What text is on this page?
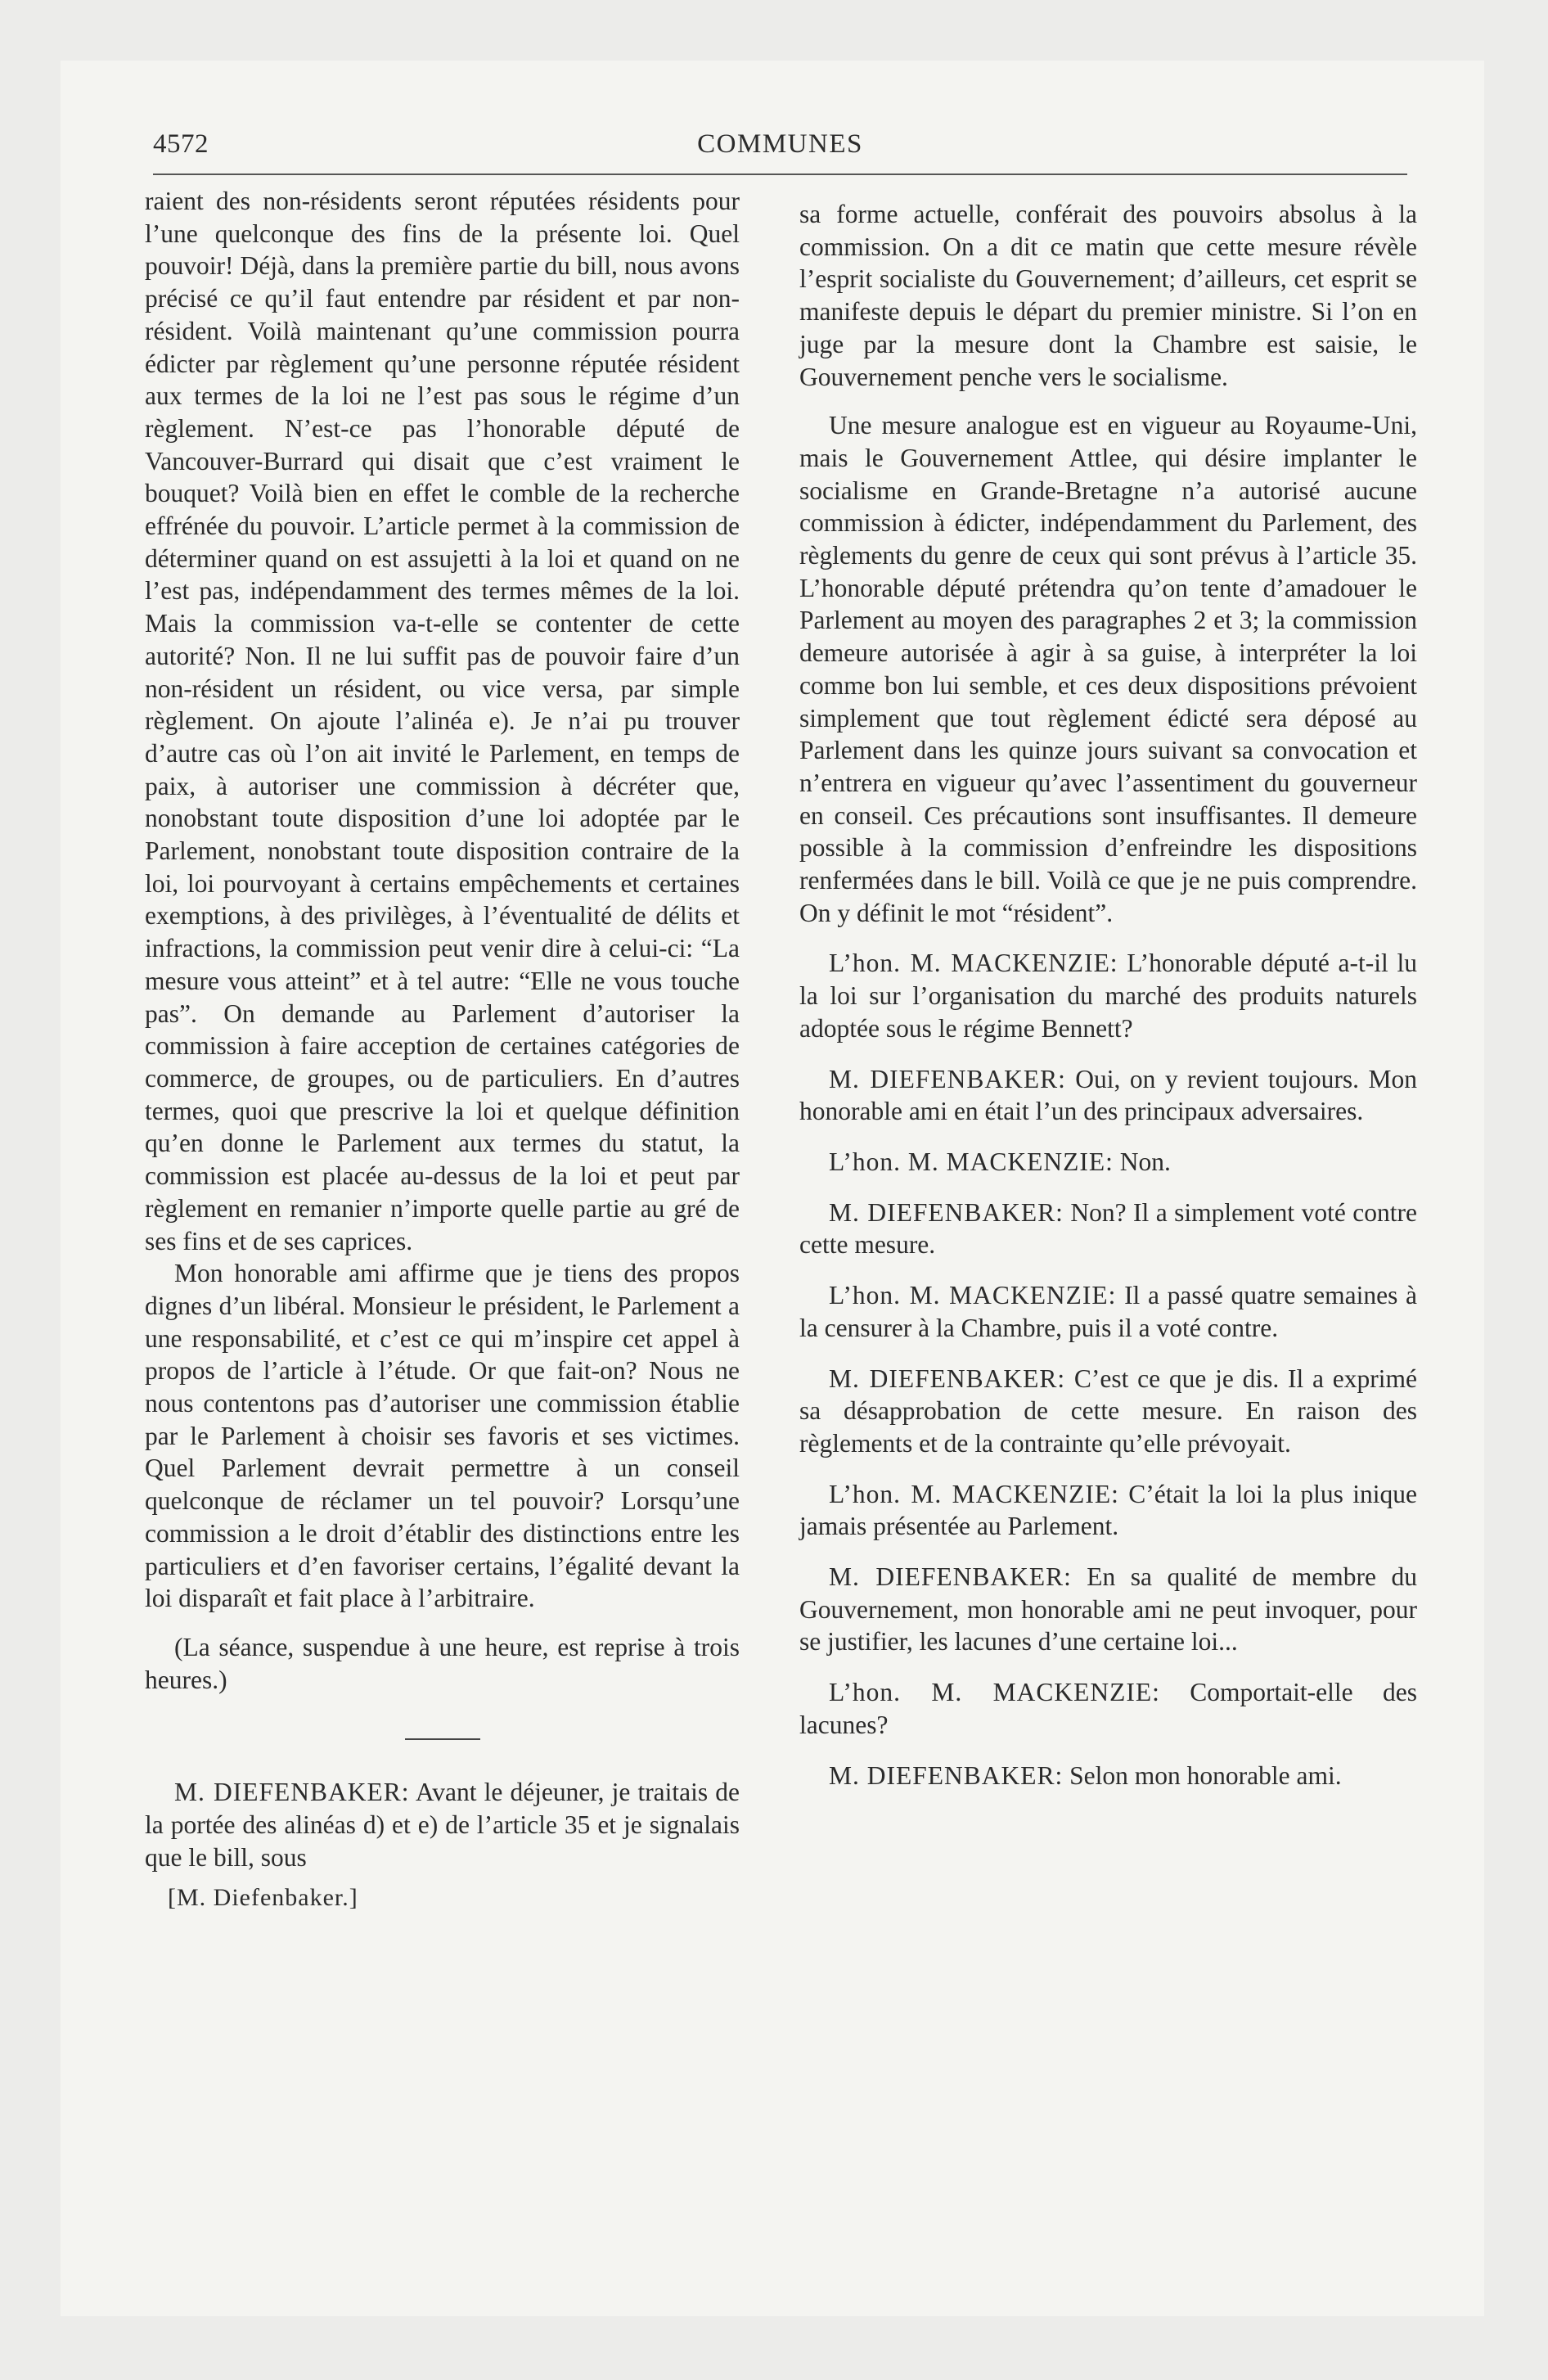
4572	COMMUNES

raient des non-résidents seront réputées résidents pour l’une quelconque des fins de la présente loi. Quel pouvoir! Déjà, dans la première partie du bill, nous avons précisé ce qu’il faut entendre par résident et par non-résident. Voilà maintenant qu’une commission pourra édicter par règlement qu’une personne réputée résident aux termes de la loi ne l’est pas sous le régime d’un règlement. N’est-ce pas l’honorable député de Vancouver-Burrard qui disait que c’est vraiment le bouquet? Voilà bien en effet le comble de la recherche effrénée du pouvoir. L’article permet à la commission de déterminer quand on est assujetti à la loi et quand on ne l’est pas, indépendamment des termes mêmes de la loi. Mais la commission va-t-elle se contenter de cette autorité? Non. Il ne lui suffit pas de pouvoir faire d’un non-résident un résident, ou vice versa, par simple règlement. On ajoute l’alinéa e). Je n’ai pu trouver d’autre cas où l’on ait invité le Parlement, en temps de paix, à autoriser une commission à décréter que, nonobstant toute disposition d’une loi adoptée par le Parlement, nonobstant toute disposition contraire de la loi, loi pourvoyant à certains empêchements et certaines exemptions, à des privilèges, à l’éventualité de délits et infractions, la commission peut venir dire à celui-ci: “La mesure vous atteint” et à tel autre: “Elle ne vous touche pas”. On demande au Parlement d’autoriser la commission à faire acception de certaines catégories de commerce, de groupes, ou de particuliers. En d’autres termes, quoi que prescrive la loi et quelque définition qu’en donne le Parlement aux termes du statut, la commission est placée au-dessus de la loi et peut par règlement en remanier n’importe quelle partie au gré de ses fins et de ses caprices.

Mon honorable ami affirme que je tiens des propos dignes d’un libéral. Monsieur le président, le Parlement a une responsabilité, et c’est ce qui m’inspire cet appel à propos de l’article à l’étude. Or que fait-on? Nous ne nous contentons pas d’autoriser une commission établie par le Parlement à choisir ses favoris et ses victimes. Quel Parlement devrait permettre à un conseil quelconque de réclamer un tel pouvoir? Lorsqu’une commission a le droit d’établir des distinctions entre les particuliers et d’en favoriser certains, l’égalité devant la loi disparaît et fait place à l’arbitraire.

(La séance, suspendue à une heure, est reprise à trois heures.)

M. DIEFENBAKER: Avant le déjeuner, je traitais de la portée des alinéas d) et e) de l’article 35 et je signalais que le bill, sous

[M. Diefenbaker.]

sa forme actuelle, conférait des pouvoirs absolus à la commission. On a dit ce matin que cette mesure révèle l’esprit socialiste du Gouvernement; d’ailleurs, cet esprit se manifeste depuis le départ du premier ministre. Si l’on en juge par la mesure dont la Chambre est saisie, le Gouvernement penche vers le socialisme.

Une mesure analogue est en vigueur au Royaume-Uni, mais le Gouvernement Attlee, qui désire implanter le socialisme en Grande-Bretagne n’a autorisé aucune commission à édicter, indépendamment du Parlement, des règlements du genre de ceux qui sont prévus à l’article 35. L’honorable député prétendra qu’on tente d’amadouer le Parlement au moyen des paragraphes 2 et 3; la commission demeure autorisée à agir à sa guise, à interpréter la loi comme bon lui semble, et ces deux dispositions prévoient simplement que tout règlement édicté sera déposé au Parlement dans les quinze jours suivant sa convocation et n’entrera en vigueur qu’avec l’assentiment du gouverneur en conseil. Ces précautions sont insuffisantes. Il demeure possible à la commission d’enfreindre les dispositions renfermées dans le bill. Voilà ce que je ne puis comprendre. On y définit le mot “résident”.

L’hon. M. MACKENZIE: L’honorable député a-t-il lu la loi sur l’organisation du marché des produits naturels adoptée sous le régime Bennett?

M. DIEFENBAKER: Oui, on y revient toujours. Mon honorable ami en était l’un des principaux adversaires.

L’hon. M. MACKENZIE: Non.

M. DIEFENBAKER: Non? Il a simplement voté contre cette mesure.

L’hon. M. MACKENZIE: Il a passé quatre semaines à la censurer à la Chambre, puis il a voté contre.

M. DIEFENBAKER: C’est ce que je dis. Il a exprimé sa désapprobation de cette mesure. En raison des règlements et de la contrainte qu’elle prévoyait.

L’hon. M. MACKENZIE: C’était la loi la plus inique jamais présentée au Parlement.

M. DIEFENBAKER: En sa qualité de membre du Gouvernement, mon honorable ami ne peut invoquer, pour se justifier, les lacunes d’une certaine loi...

L’hon. M. MACKENZIE: Comportait-elle des lacunes?

M. DIEFENBAKER: Selon mon honorable ami.
